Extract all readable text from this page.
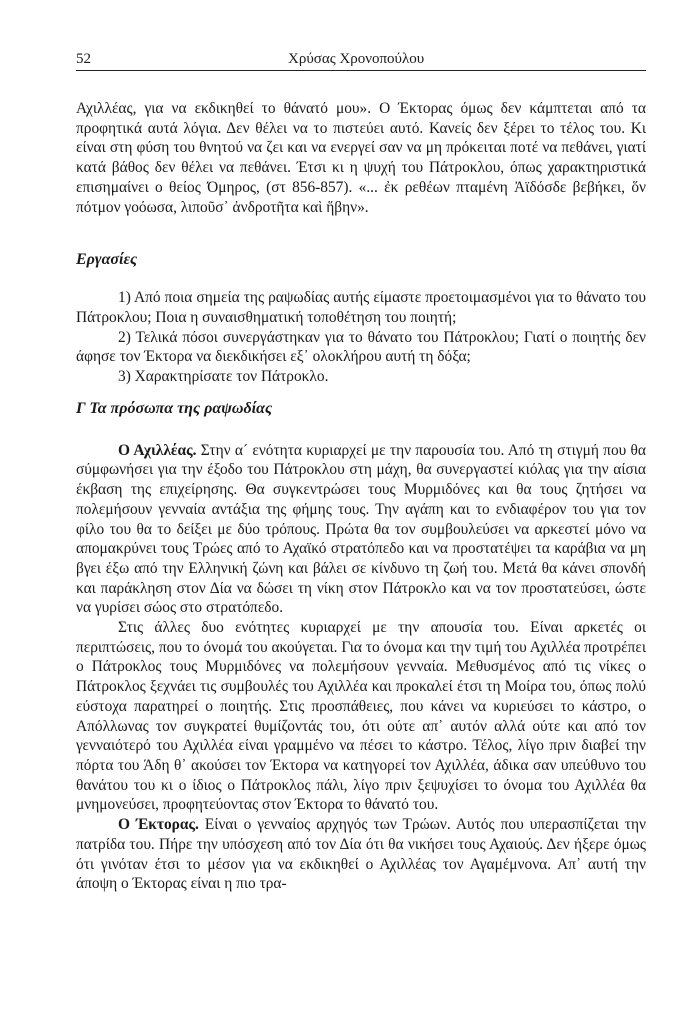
52	Χρύσας Χρονοπούλου

Αχιλλέας, για να εκδικηθεί το θάνατό μου». Ο Έκτορας όμως δεν κάμπτεται από τα προφητικά αυτά λόγια. Δεν θέλει να το πιστεύει αυτό. Κανείς δεν ξέρει το τέλος του. Κι είναι στη φύση του θνητού να ζει και να ενεργεί σαν να μη πρόκειται ποτέ να πεθάνει, γιατί κατά βάθος δεν θέλει να πεθάνει. Έτσι κι η ψυχή του Πάτροκλου, όπως χαρακτηριστικά επισημαίνει ο θείος Όμηρος, (στ 856-857). «... ἐκ ρεθέων πταμένη Ἀϊδόσδε βεβήκει, ὅν πότμον γοόωσα, λιποῦσ᾽ ἀνδροτῆτα καὶ ἥβην».

Εργασίες

1) Από ποια σημεία της ραψωδίας αυτής είμαστε προετοιμασμένοι για το θάνατο του Πάτροκλου; Ποια η συναισθηματική τοποθέτηση του ποιητή;

2) Τελικά πόσοι συνεργάστηκαν για το θάνατο του Πάτροκλου; Γιατί ο ποιητής δεν άφησε τον Έκτορα να διεκδικήσει εξ᾽ ολοκλήρου αυτή τη δόξα;

3) Χαρακτηρίσατε τον Πάτροκλο.

Γ Τα πρόσωπα της ραψωδίας

Ο Αχιλλέας. Στην α´ ενότητα κυριαρχεί με την παρουσία του. Από τη στιγμή που θα σύμφωνήσει για την έξοδο του Πάτροκλου στη μάχη, θα συνεργαστεί κιόλας για την αίσια έκβαση της επιχείρησης. Θα συγκεντρώσει τους Μυρμιδόνες και θα τους ζητήσει να πολεμήσουν γενναία αντάξια της φήμης τους. Την αγάπη και το ενδιαφέρον του για τον φίλο του θα το δείξει με δύο τρόπους. Πρώτα θα τον συμβουλεύσει να αρκεστεί μόνο να απομακρύνει τους Τρώες από το Αχαϊκό στρατόπεδο και να προστατέψει τα καράβια να μη βγει έξω από την Ελληνική ζώνη και βάλει σε κίνδυνο τη ζωή του. Μετά θα κάνει σπονδή και παράκληση στον Δία να δώσει τη νίκη στον Πάτροκλο και να τον προστατεύσει, ώστε να γυρίσει σώος στο στρατόπεδο.

Στις άλλες δυο ενότητες κυριαρχεί με την απουσία του. Είναι αρκετές οι περιπτώσεις, που το όνομά του ακούγεται. Για το όνομα και την τιμή του Αχιλλέα προτρέπει ο Πάτροκλος τους Μυρμιδόνες να πολεμήσουν γενναία. Μεθυσμένος από τις νίκες ο Πάτροκλος ξεχνάει τις συμβουλές του Αχιλλέα και προκαλεί έτσι τη Μοίρα του, όπως πολύ εύστοχα παρατηρεί ο ποιητής. Στις προσπάθειες, που κάνει να κυριεύσει το κάστρο, ο Απόλλωνας τον συγκρατεί θυμίζοντάς του, ότι ούτε απ᾽ αυτόν αλλά ούτε και από τον γενναιότερό του Αχιλλέα είναι γραμμένο να πέσει το κάστρο. Τέλος, λίγο πριν διαβεί την πόρτα του Άδη θ᾽ ακούσει τον Έκτορα να κατηγορεί τον Αχιλλέα, άδικα σαν υπεύθυνο του θανάτου του κι ο ίδιος ο Πάτροκλος πάλι, λίγο πριν ξεψυχίσει το όνομα του Αχιλλέα θα μνημονεύσει, προφητεύοντας στον Έκτορα το θάνατό του.

Ο Έκτορας. Είναι ο γενναίος αρχηγός των Τρώων. Αυτός που υπερασπίζεται την πατρίδα του. Πήρε την υπόσχεση από τον Δία ότι θα νικήσει τους Αχαιούς. Δεν ήξερε όμως ότι γινόταν έτσι το μέσον για να εκδικηθεί ο Αχιλλέας τον Αγαμέμνονα. Απ᾽ αυτή την άποψη ο Έκτορας είναι η πιο τρα-
